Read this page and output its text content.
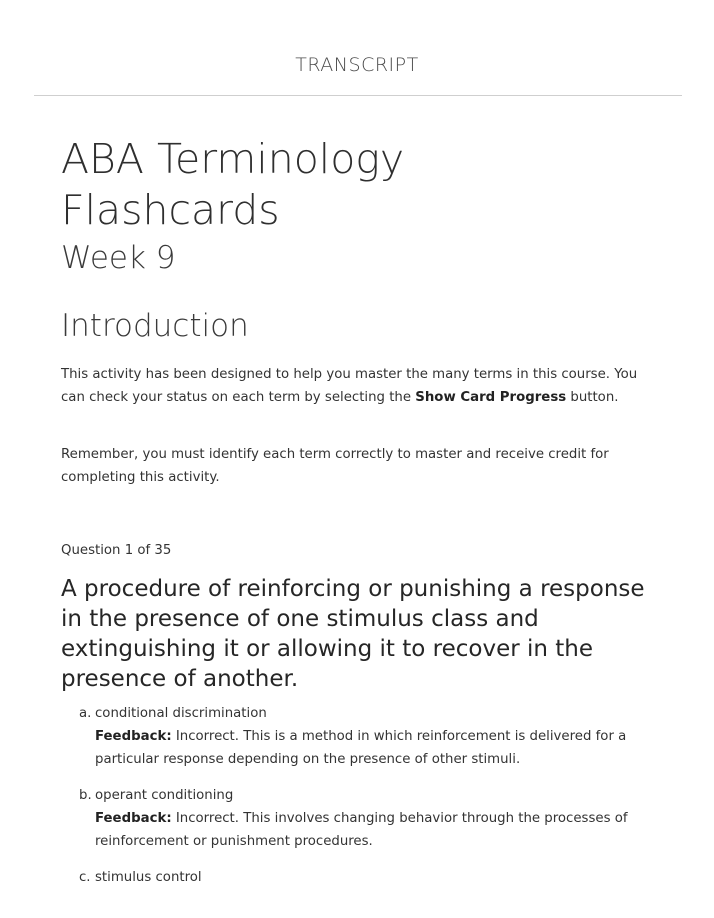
TRANSCRIPT
ABA Terminology
Flashcards
Week 9
Introduction
This activity has been designed to help you master the many terms in this course. You can check your status on each term by selecting the Show Card Progress button.
Remember, you must identify each term correctly to master and receive credit for completing this activity.
Question 1 of 35
A procedure of reinforcing or punishing a response in the presence of one stimulus class and extinguishing it or allowing it to recover in the presence of another.
a. conditional discrimination
Feedback: Incorrect. This is a method in which reinforcement is delivered for a particular response depending on the presence of other stimuli.
b. operant conditioning
Feedback: Incorrect. This involves changing behavior through the processes of reinforcement or punishment procedures.
c. stimulus control
